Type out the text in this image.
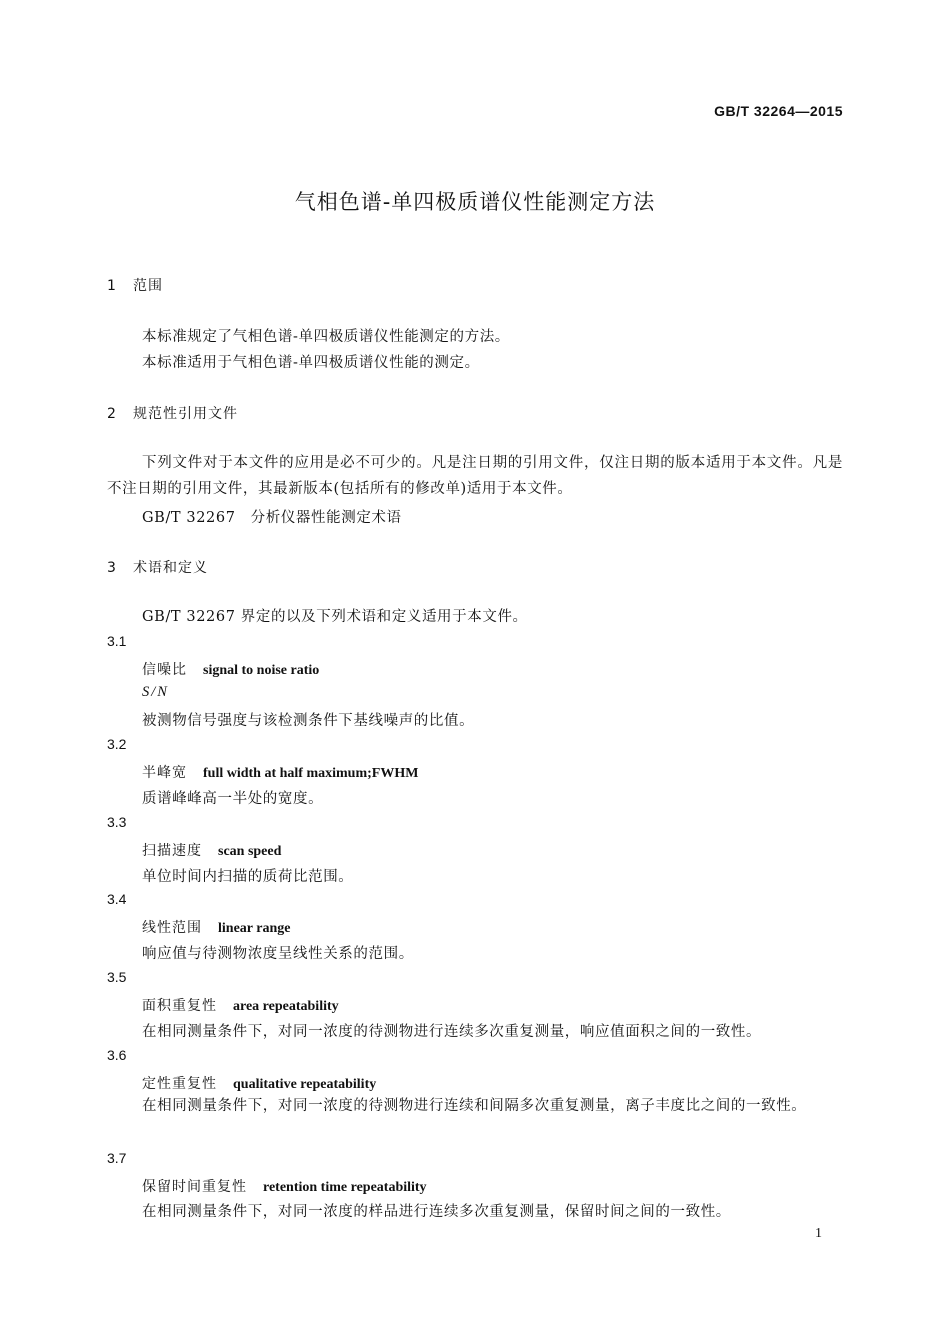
GB/T 32264—2015
气相色谱-单四极质谱仪性能测定方法
1 范围
本标准规定了气相色谱-单四极质谱仪性能测定的方法。
本标准适用于气相色谱-单四极质谱仪性能的测定。
2 规范性引用文件
下列文件对于本文件的应用是必不可少的。凡是注日期的引用文件，仅注日期的版本适用于本文件。凡是不注日期的引用文件，其最新版本(包括所有的修改单)适用于本文件。
GB/T 32267　分析仪器性能测定术语
3 术语和定义
GB/T 32267 界定的以及下列术语和定义适用于本文件。
3.1
信噪比 signal to noise ratio
S/N
被测物信号强度与该检测条件下基线噪声的比值。
3.2
半峰宽 full width at half maximum;FWHM
质谱峰峰高一半处的宽度。
3.3
扫描速度 scan speed
单位时间内扫描的质荷比范围。
3.4
线性范围 linear range
响应值与待测物浓度呈线性关系的范围。
3.5
面积重复性 area repeatability
在相同测量条件下，对同一浓度的待测物进行连续多次重复测量，响应值面积之间的一致性。
3.6
定性重复性 qualitative repeatability
在相同测量条件下，对同一浓度的待测物进行连续和间隔多次重复测量，离子丰度比之间的一致性。
3.7
保留时间重复性 retention time repeatability
在相同测量条件下，对同一浓度的样品进行连续多次重复测量，保留时间之间的一致性。
1
